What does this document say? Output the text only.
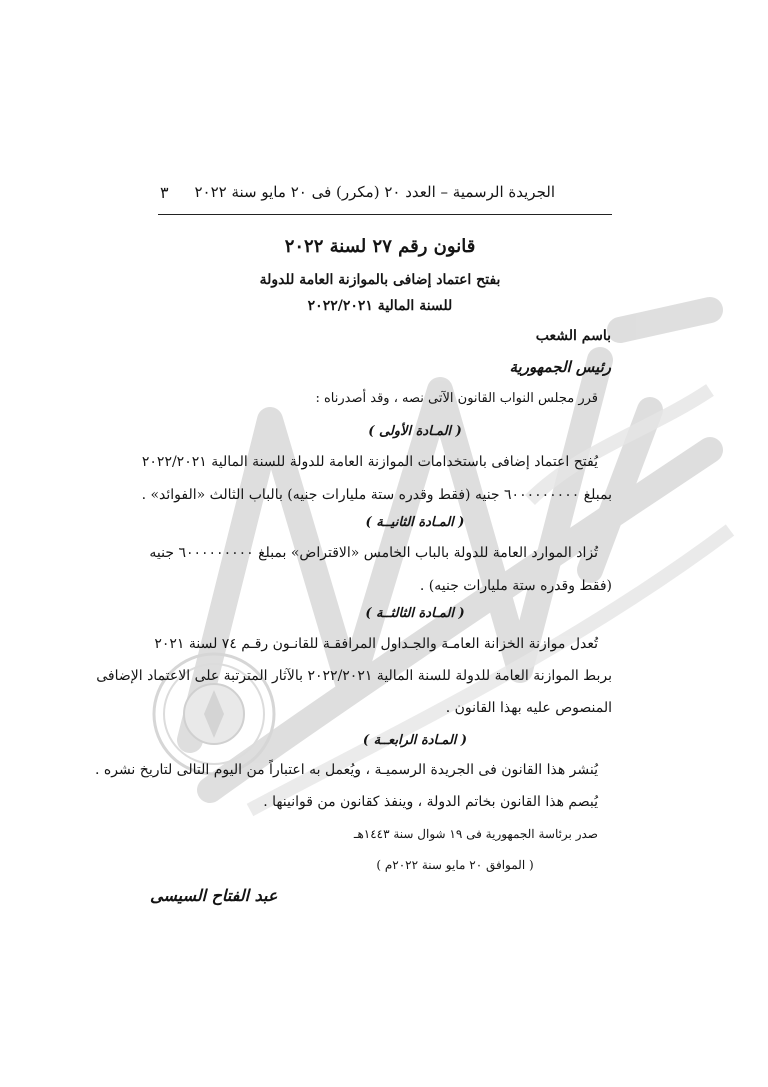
الجريدة الرسمية – العدد ٢٠ (مكرر) فى ٢٠ مايو سنة ٢٠٢٢
٣
قانون رقم ٢٧ لسنة ٢٠٢٢
بفتح اعتماد إضافى بالموازنة العامة للدولة
للسنة المالية ٢٠٢٢/٢٠٢١
باسم الشعب
رئيس الجمهورية
قرر مجلس النواب القانون الآتى نصه ، وقد أصدرناه :
( المـادة الأولى )
يُفتح اعتماد إضافى باستخدامات الموازنة العامة للدولة للسنة المالية ٢٠٢٢/٢٠٢١
بمبلغ ٦٠٠٠٠٠٠٠٠٠ جنيه (فقط وقدره ستة مليارات جنيه) بالباب الثالث «الفوائد» .
( المـادة الثانيــة )
تُزاد الموارد العامة للدولة بالباب الخامس «الاقتراض» بمبلغ ٦٠٠٠٠٠٠٠٠٠ جنيه
(فقط وقدره ستة مليارات جنيه) .
( المـادة الثالثــة )
تُعدل موازنة الخزانة العامـة والجـداول المرافقـة للقانـون رقـم ٧٤ لسنة ٢٠٢١
بربط الموازنة العامة للدولة للسنة المالية ٢٠٢٢/٢٠٢١ بالآثار المترتبة على الاعتماد الإضافى
المنصوص عليه بهذا القانون .
( المـادة الرابعــة )
يُنشر هذا القانون فى الجريدة الرسميـة ، ويُعمل به اعتباراً من اليوم التالى لتاريخ نشره .
يُبصم هذا القانون بخاتم الدولة ، وينفذ كقانون من قوانينها .
صدر برئاسة الجمهورية فى ١٩ شوال سنة ١٤٤٣هـ
( الموافق ٢٠ مايو سنة ٢٠٢٢م )
عبد الفتاح السيسى
